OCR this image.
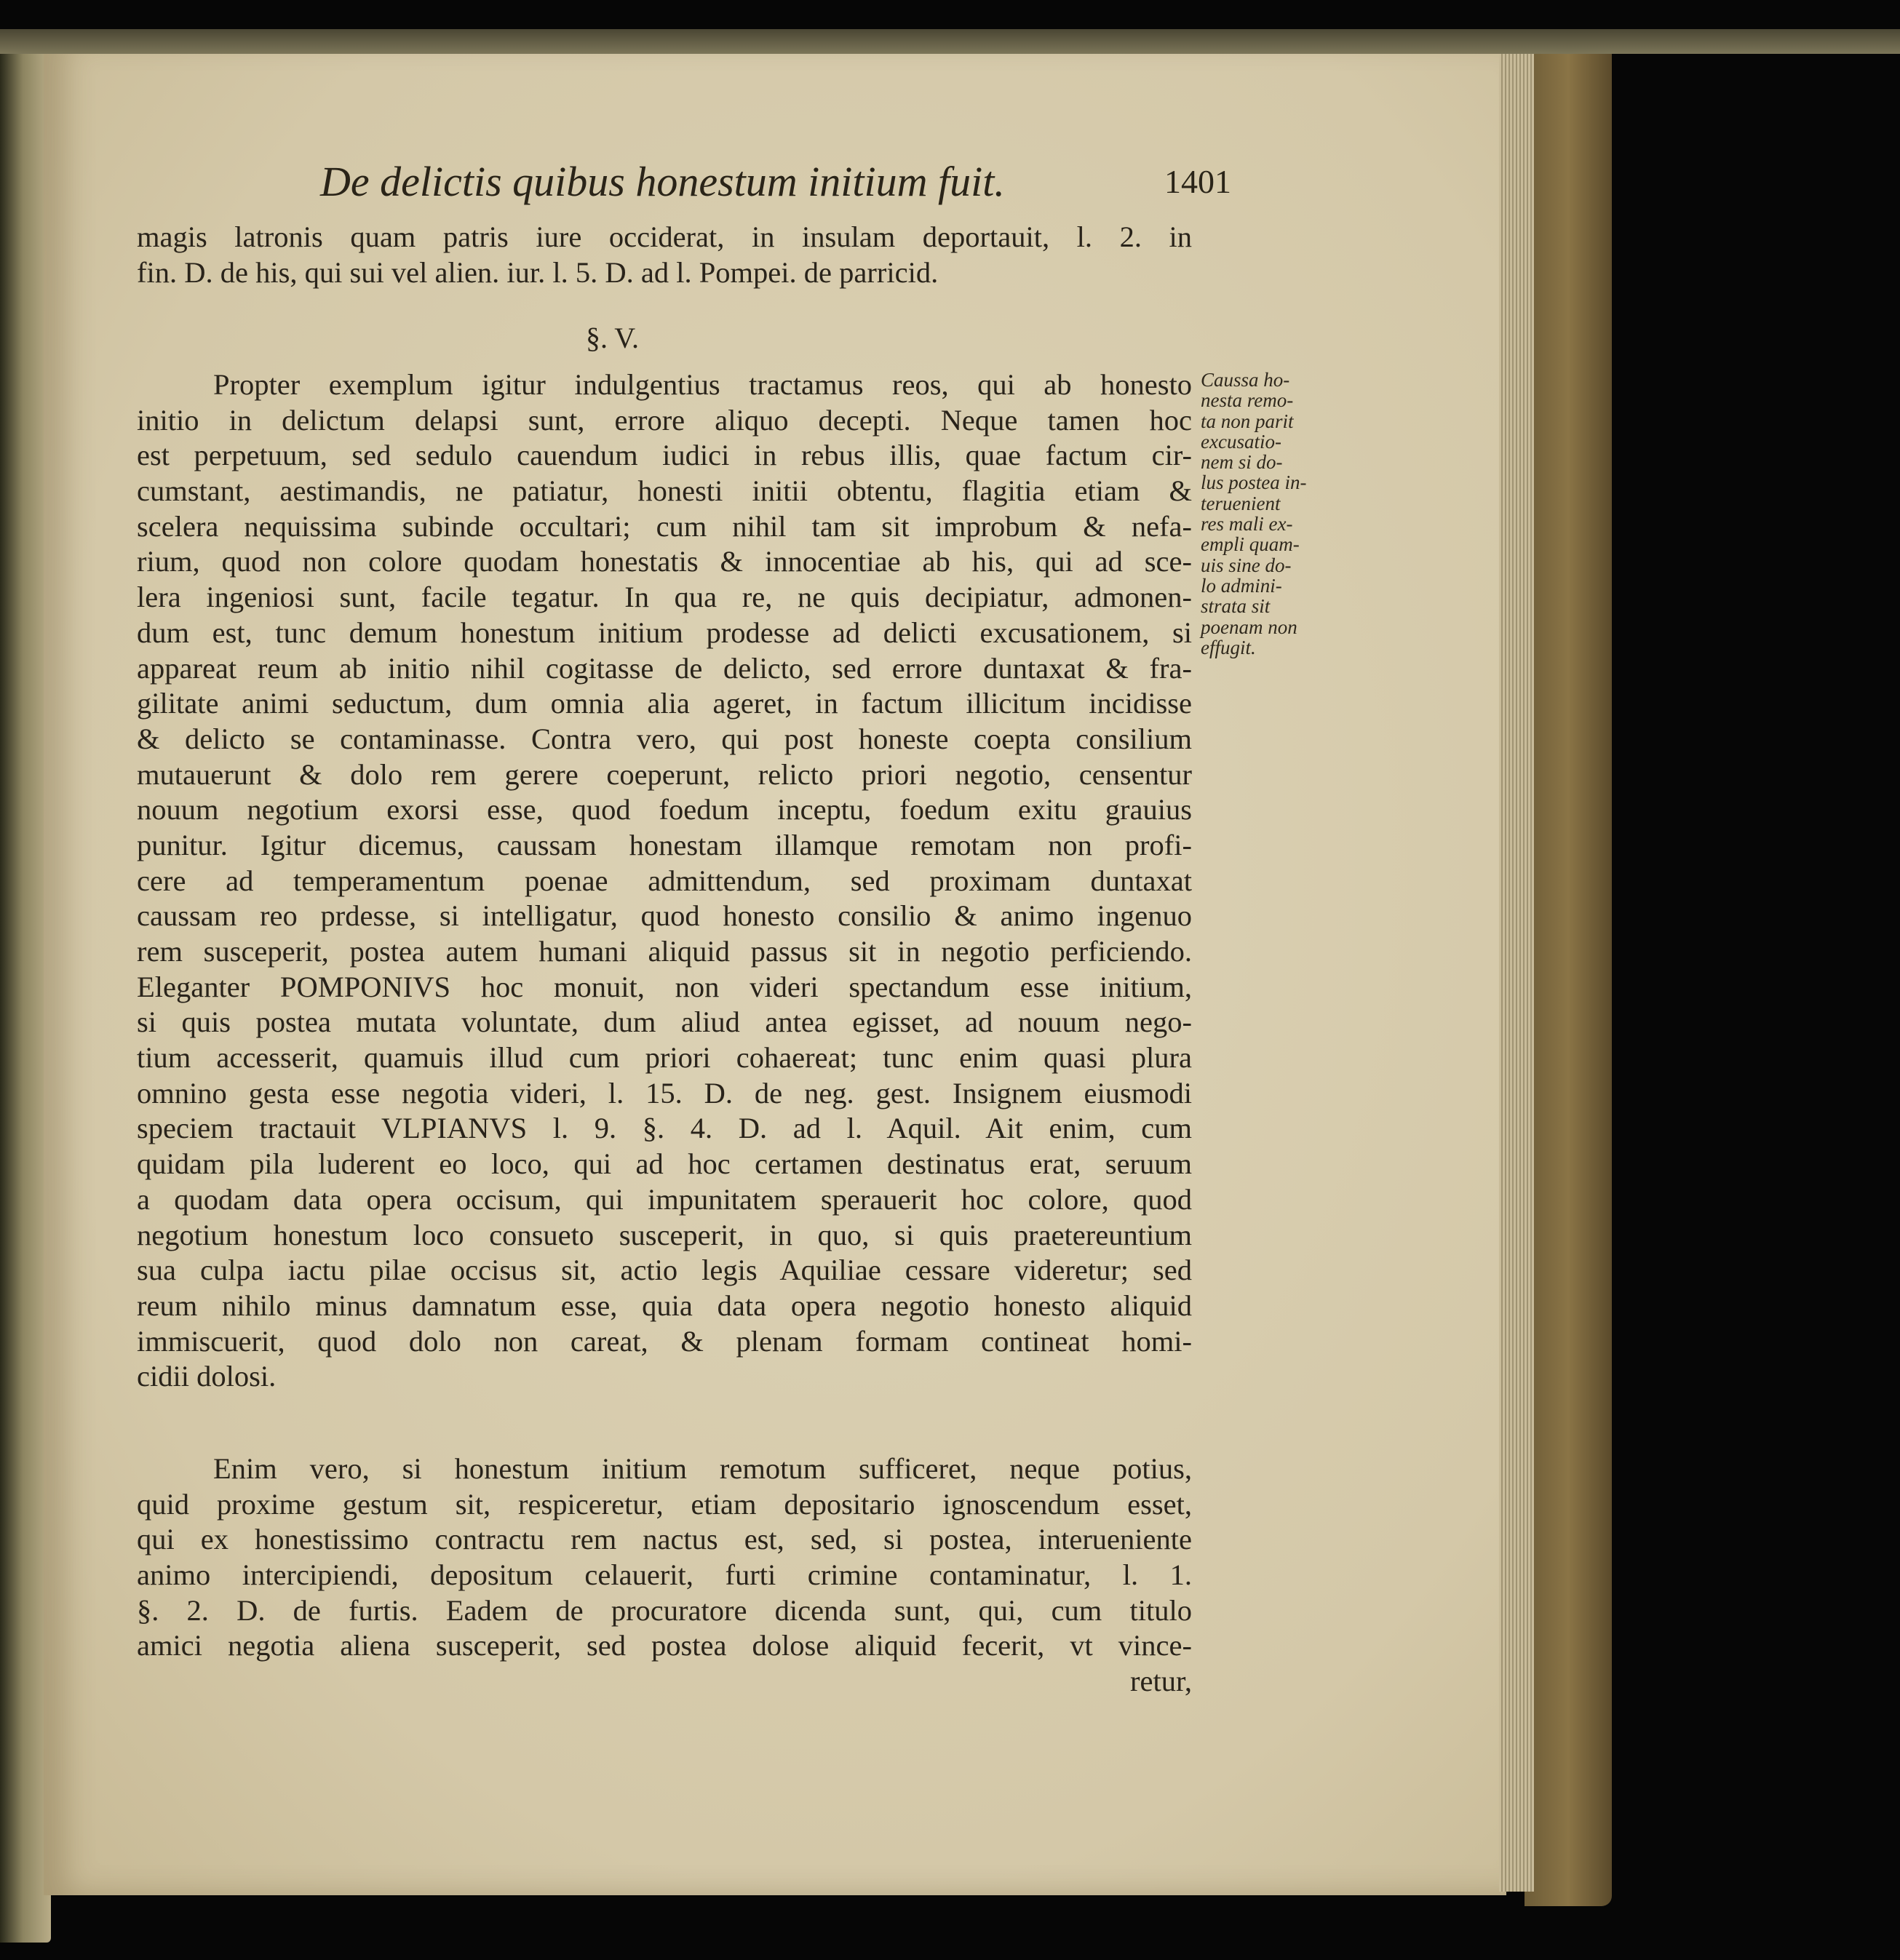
De delictis quibus honestum initium fuit.	1401
magis latronis quam patris iure occiderat, in insulam deportauit, l. 2. in
fin. D. de his, qui sui vel alien. iur. l. 5. D. ad l. Pompei. de parricid.
§. V.
Propter exemplum igitur indulgentius tractamus reos, qui ab honesto
initio in delictum delapsi sunt, errore aliquo decepti. Neque tamen hoc
est perpetuum, sed sedulo cauendum iudici in rebus illis, quae factum cir-
cumstant, aestimandis, ne patiatur, honesti initii obtentu, flagitia etiam &
scelera nequissima subinde occultari; cum nihil tam sit improbum & nefa-
rium, quod non colore quodam honestatis & innocentiae ab his, qui ad sce-
lera ingeniosi sunt, facile tegatur. In qua re, ne quis decipiatur, admonen-
dum est, tunc demum honestum initium prodesse ad delicti excusationem, si
appareat reum ab initio nihil cogitasse de delicto, sed errore duntaxat & fra-
gilitate animi seductum, dum omnia alia ageret, in factum illicitum incidisse
& delicto se contaminasse. Contra vero, qui post honeste coepta consilium
mutauerunt & dolo rem gerere coeperunt, relicto priori negotio, censentur
nouum negotium exorsi esse, quod foedum inceptu, foedum exitu grauius
punitur. Igitur dicemus, caussam honestam illamque remotam non profi-
cere ad temperamentum poenae admittendum, sed proximam duntaxat
caussam reo prdesse, si intelligatur, quod honesto consilio & animo ingenuo
rem susceperit, postea autem humani aliquid passus sit in negotio perficiendo.
Eleganter POMPONIVS hoc monuit, non videri spectandum esse initium,
si quis postea mutata voluntate, dum aliud antea egisset, ad nouum nego-
tium accesserit, quamuis illud cum priori cohaereat; tunc enim quasi plura
omnino gesta esse negotia videri, l. 15. D. de neg. gest. Insignem eiusmodi
speciem tractauit VLPIANVS l. 9. §. 4. D. ad l. Aquil. Ait enim, cum
quidam pila luderent eo loco, qui ad hoc certamen destinatus erat, seruum
a quodam data opera occisum, qui impunitatem sperauerit hoc colore, quod
negotium honestum loco consueto susceperit, in quo, si quis praetereuntium
sua culpa iactu pilae occisus sit, actio legis Aquiliae cessare videretur; sed
reum nihilo minus damnatum esse, quia data opera negotio honesto aliquid
immiscuerit, quod dolo non careat, & plenam formam contineat homi-
cidii dolosi.
Enim vero, si honestum initium remotum sufficeret, neque potius,
quid proxime gestum sit, respiceretur, etiam depositario ignoscendum esset,
qui ex honestissimo contractu rem nactus est, sed, si postea, interueniente
animo intercipiendi, depositum celauerit, furti crimine contaminatur, l. 1.
§. 2. D. de furtis. Eadem de procuratore dicenda sunt, qui, cum titulo
amici negotia aliena susceperit, sed postea dolose aliquid fecerit, vt vince-
retur,
Caussa ho-
nesta remo-
ta non parit
excusatio-
nem si do-
lus postea in-
teruenient
res mali ex-
empli quam-
uis sine do-
lo admini-
strata sit
poenam non
effugit.
